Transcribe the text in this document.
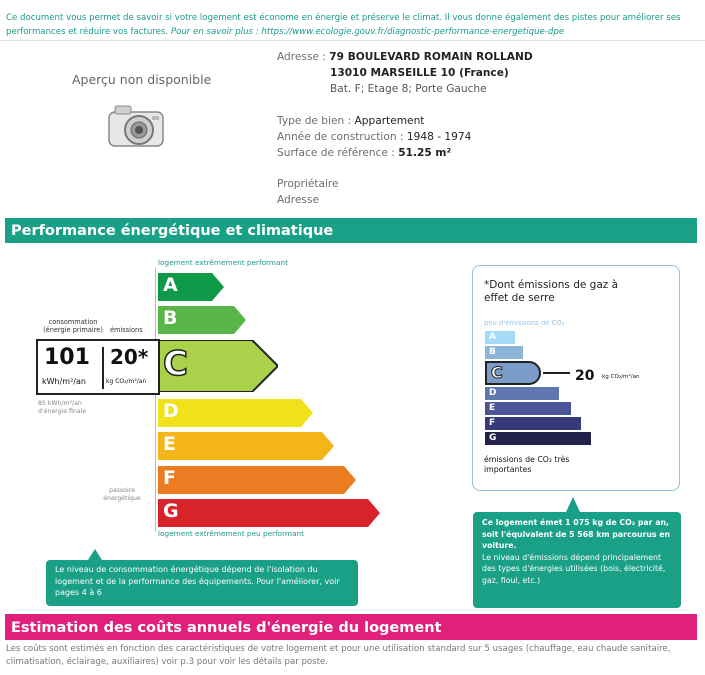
Ce document vous permet de savoir si votre logement est économe en énergie et préserve le climat. Il vous donne également des pistes pour améliorer ses performances et réduire vos factures. Pour en savoir plus : https://www.ecologie.gouv.fr/diagnostic-performance-energetique-dpe
Aperçu non disponible
Adresse : 79 BOULEVARD ROMAIN ROLLAND
13010 MARSEILLE 10 (France)
Bat. F; Etage 8; Porte Gauche
Type de bien : Appartement
Année de construction : 1948 - 1974
Surface de référence : 51.25 m²
Propriétaire
Adresse
Performance énergétique et climatique
logement extrêmement performant
A
B
C
D
E
F
G
logement extrêmement peu performant
consommation (énergie primaire)	émissions
101 20*
kWh/m²/an	kg CO₂/m²/an
85 kWh/m²/an d'énergie finale
passoire énergétique
Le niveau de consommation énergétique dépend de l'isolation du logement et de la performance des équipements. Pour l'améliorer, voir pages 4 à 6
*Dont émissions de gaz à effet de serre
peu d'émissions de CO₂
A
B
C
D
E
F
G
20 kg CO₂/m²/an
émissions de CO₂ très importantes
Ce logement émet 1 075 kg de CO₂ par an, soit l'équivalent de 5 568 km parcourus en voiture.
Le niveau d'émissions dépend principalement des types d'énergies utilisées (bois, électricité, gaz, fioul, etc.)
Estimation des coûts annuels d'énergie du logement
Les coûts sont estimés en fonction des caractéristiques de votre logement et pour une utilisation standard sur 5 usages (chauffage, eau chaude sanitaire, climatisation, éclairage, auxiliaires) voir p.3 pour voir les détails par poste.
